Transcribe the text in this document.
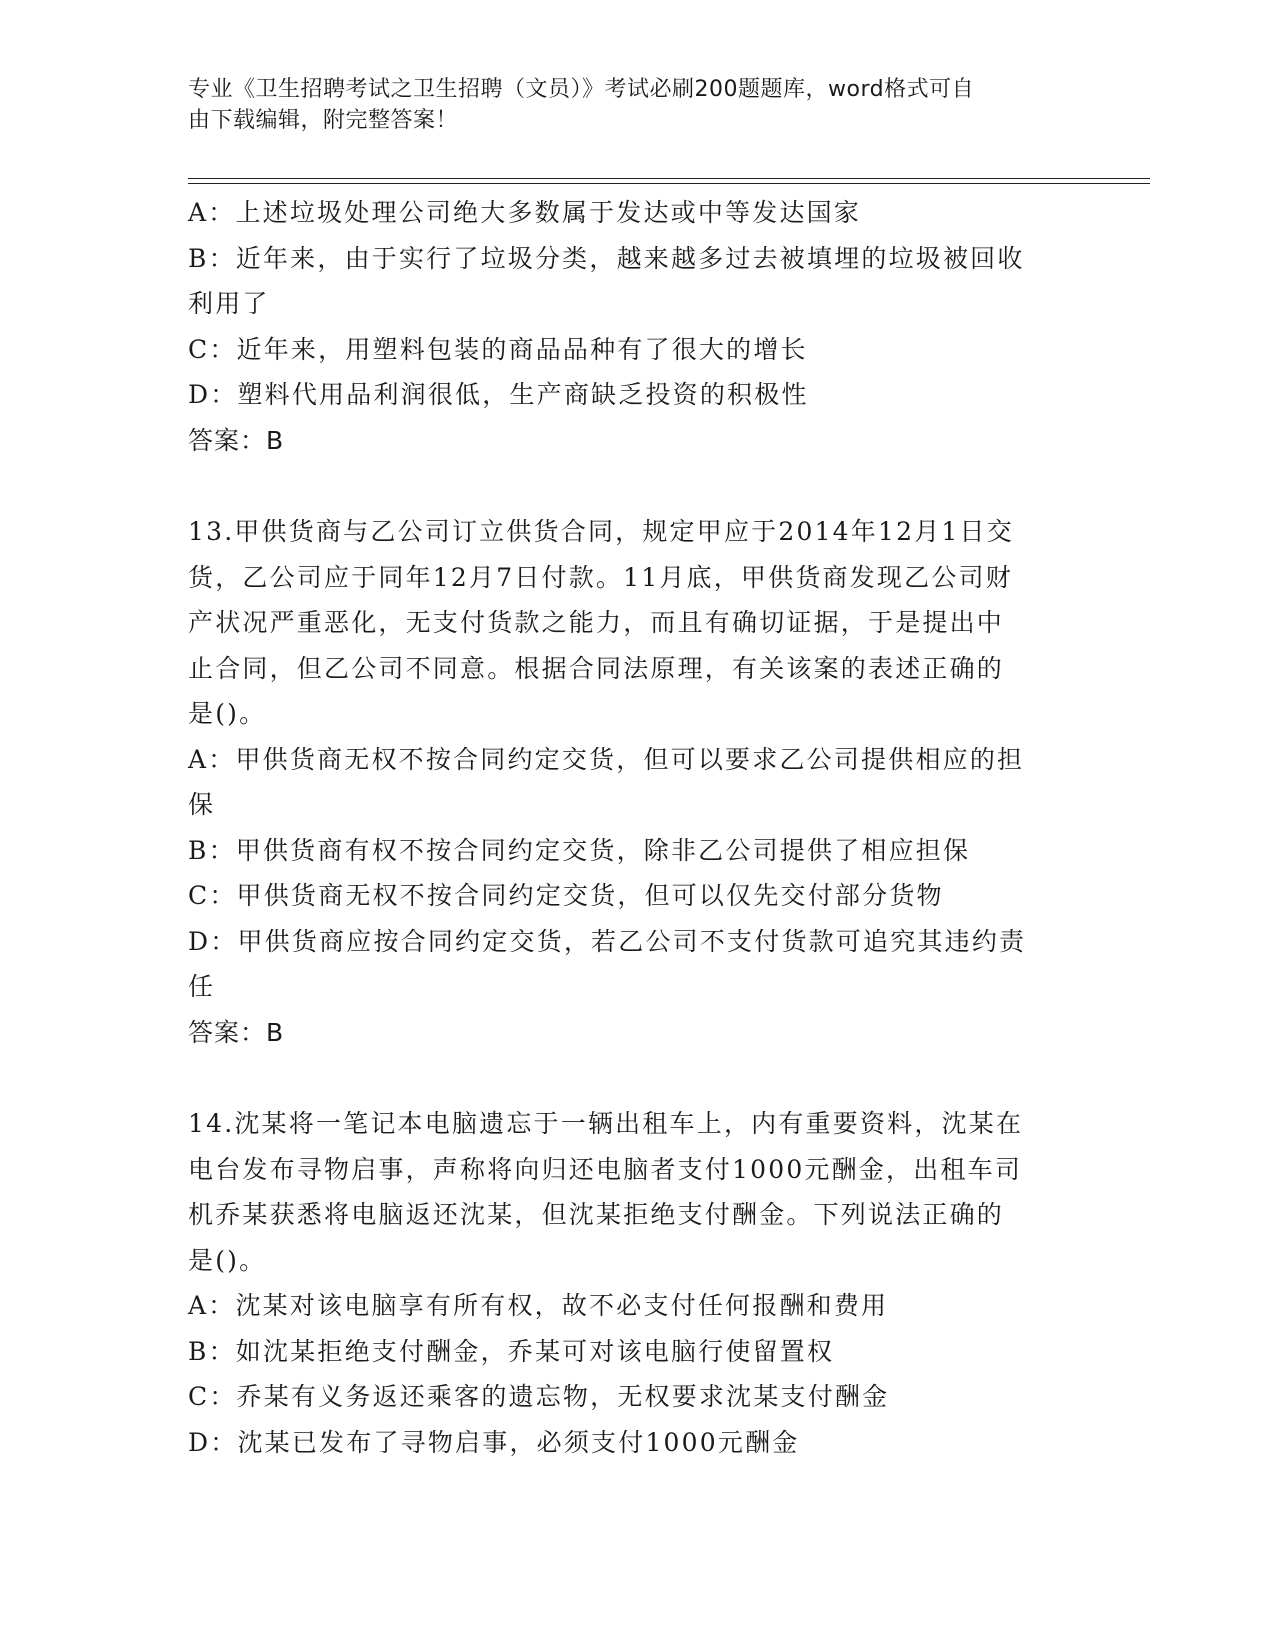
专业《卫生招聘考试之卫生招聘（文员）》考试必刷200题题库，word格式可自
由下载编辑，附完整答案！

A：上述垃圾处理公司绝大多数属于发达或中等发达国家

B：近年来，由于实行了垃圾分类，越来越多过去被填埋的垃圾被回收

利用了

C：近年来，用塑料包装的商品品种有了很大的增长

D：塑料代用品利润很低，生产商缺乏投资的积极性

答案：B

13.甲供货商与乙公司订立供货合同，规定甲应于2014年12月1日交

货，乙公司应于同年12月7日付款。11月底，甲供货商发现乙公司财

产状况严重恶化，无支付货款之能力，而且有确切证据，于是提出中

止合同，但乙公司不同意。根据合同法原理，有关该案的表述正确的

是()。

A：甲供货商无权不按合同约定交货，但可以要求乙公司提供相应的担

保

B：甲供货商有权不按合同约定交货，除非乙公司提供了相应担保

C：甲供货商无权不按合同约定交货，但可以仅先交付部分货物

D：甲供货商应按合同约定交货，若乙公司不支付货款可追究其违约责

任

答案：B

14.沈某将一笔记本电脑遗忘于一辆出租车上，内有重要资料，沈某在

电台发布寻物启事，声称将向归还电脑者支付1000元酬金，出租车司

机乔某获悉将电脑返还沈某，但沈某拒绝支付酬金。下列说法正确的

是()。

A：沈某对该电脑享有所有权，故不必支付任何报酬和费用

B：如沈某拒绝支付酬金，乔某可对该电脑行使留置权

C：乔某有义务返还乘客的遗忘物，无权要求沈某支付酬金

D：沈某已发布了寻物启事，必须支付1000元酬金
